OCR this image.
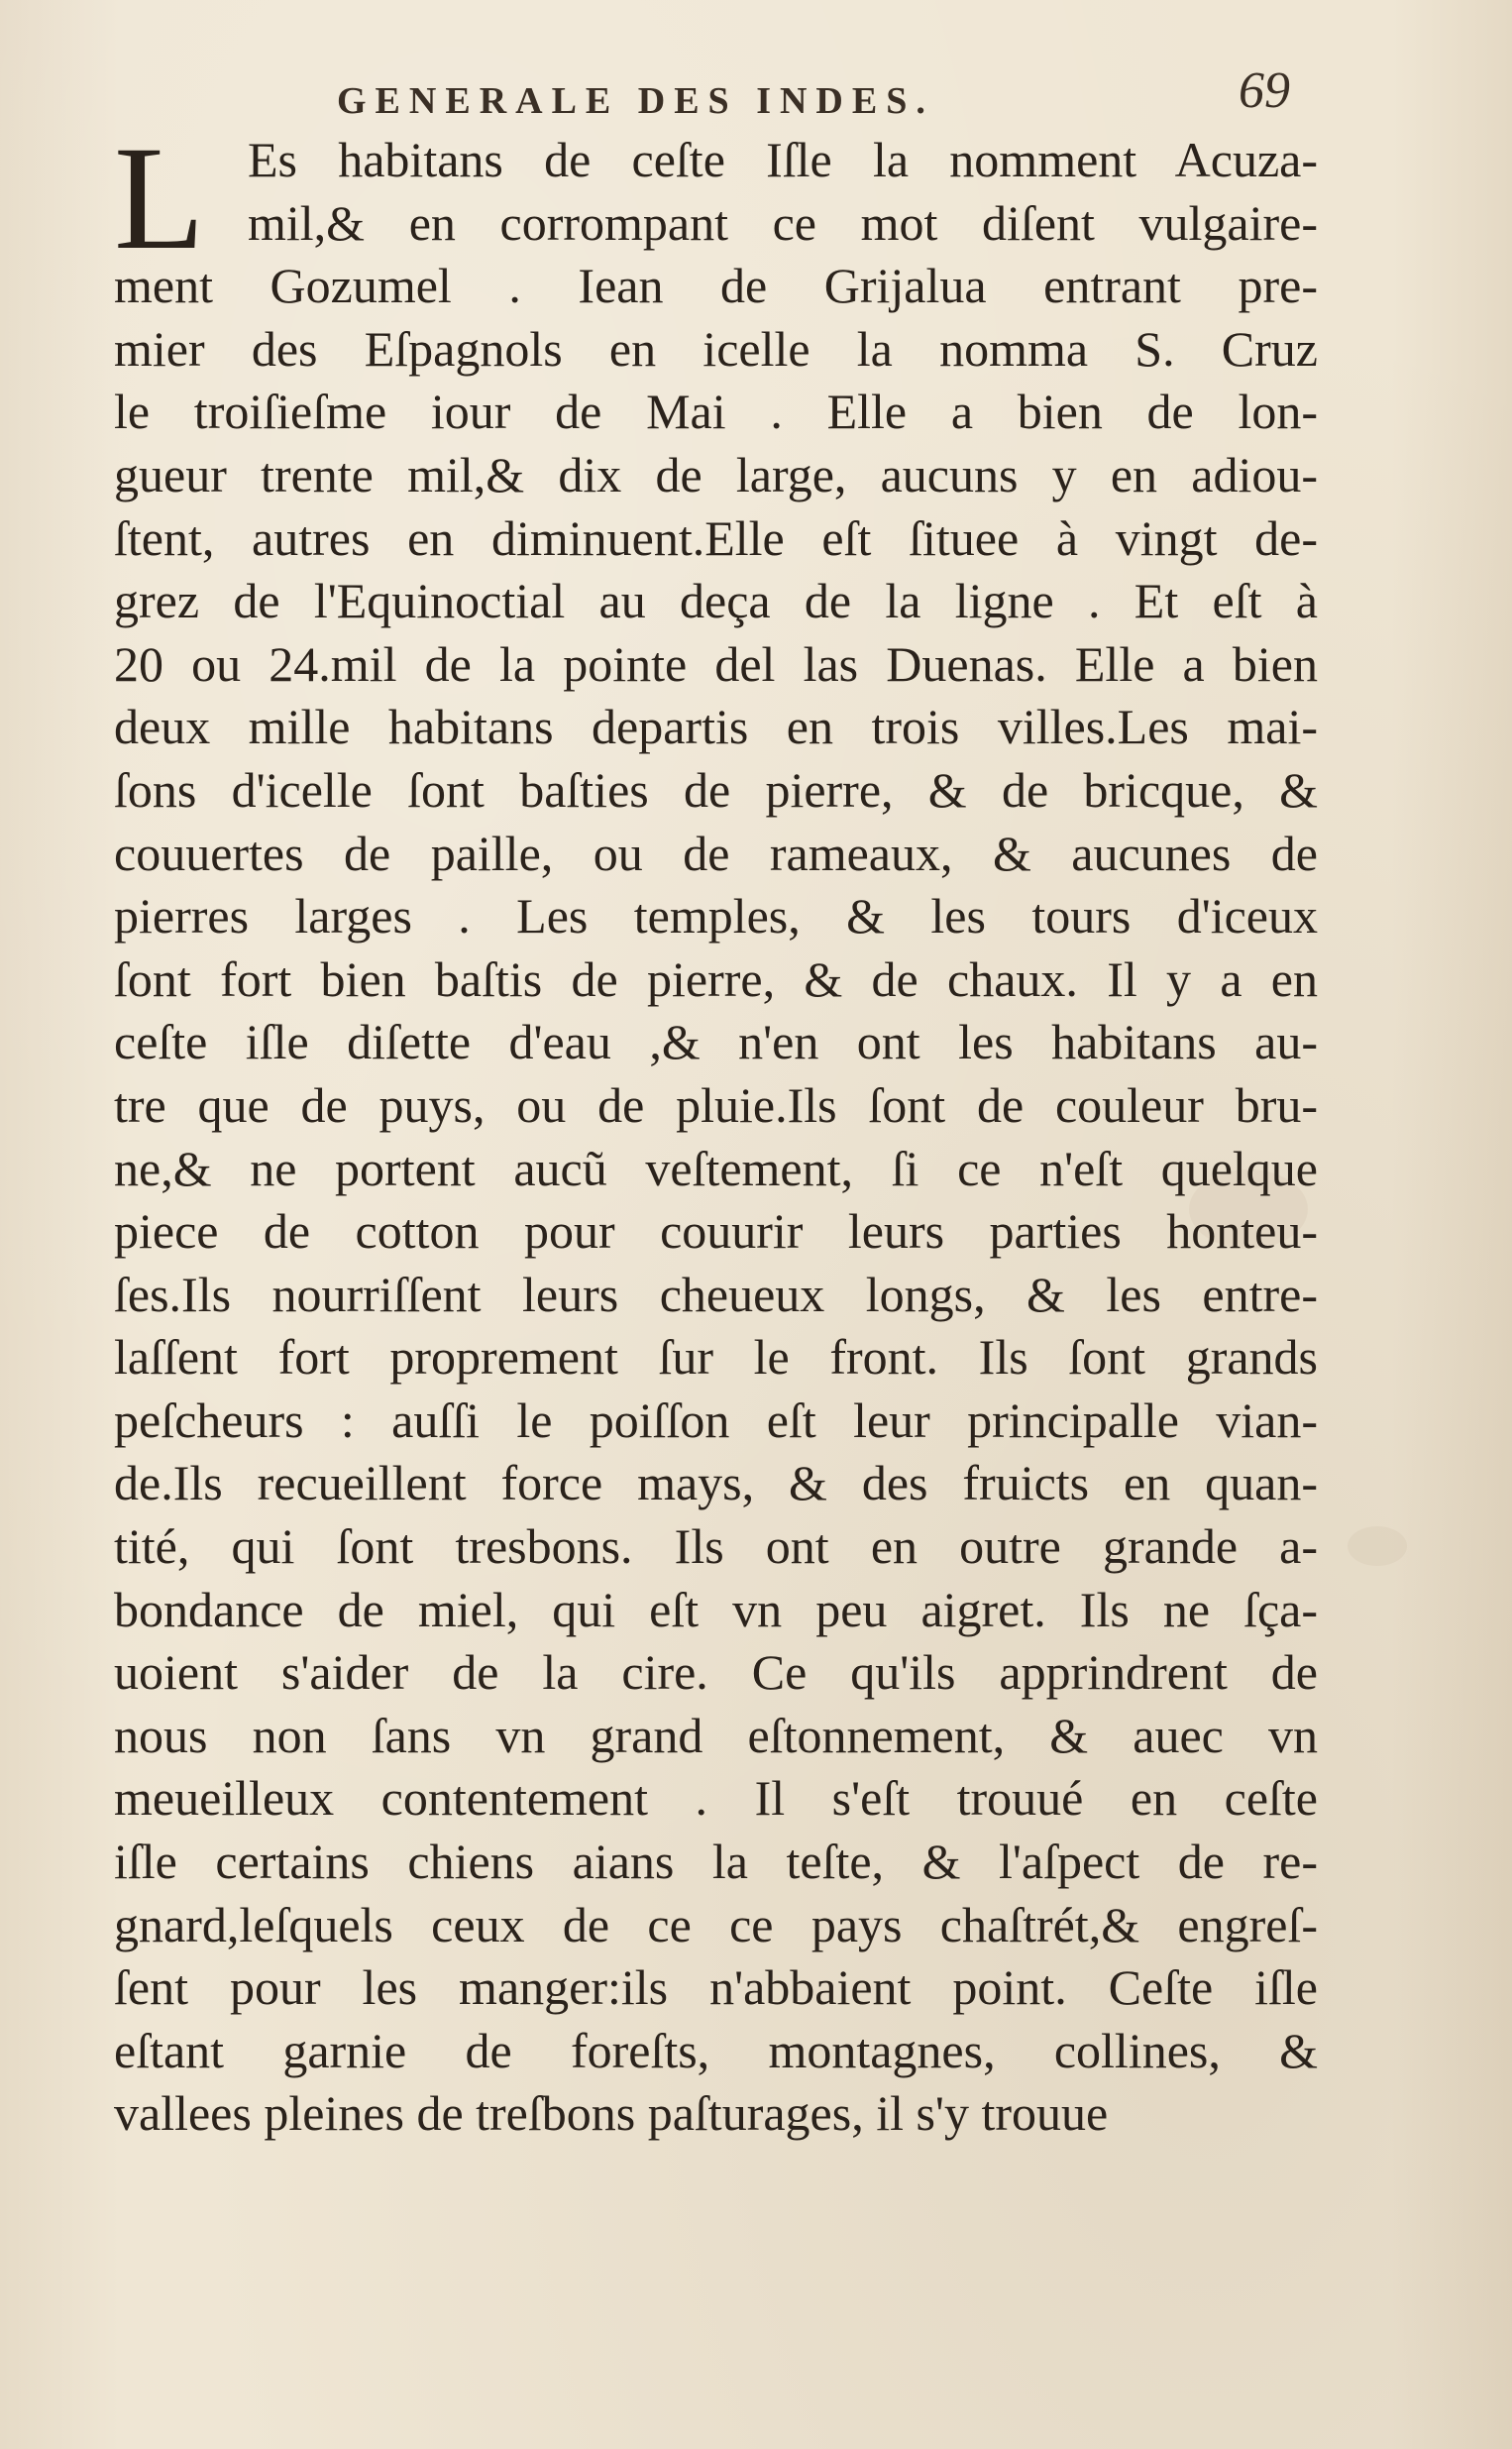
GENERALE DES INDES.	69
L Es habitans de ceſte Iſle la nomment Acuza-
mil,& en corrompant ce mot diſent vulgaire-
ment Gozumel . Iean de Grijalua entrant pre-
mier des Eſpagnols en icelle la nomma S. Cruz
le troiſieſme iour de Mai . Elle a bien de lon-
gueur trente mil,& dix de large, aucuns y en adiou-
ſtent, autres en diminuent.Elle eſt ſituee à vingt de-
grez de l'Equinoctial au deça de la ligne . Et eſt à
20 ou 24.mil de la pointe del las Duenas. Elle a bien
deux mille habitans departis en trois villes.Les mai-
ſons d'icelle ſont baſties de pierre, & de bricque, &
couuertes de paille, ou de rameaux, & aucunes de
pierres larges . Les temples, & les tours d'iceux
ſont fort bien baſtis de pierre, & de chaux. Il y a en
ceſte iſle diſette d'eau ,& n'en ont les habitans au-
tre que de puys, ou de pluie.Ils ſont de couleur bru-
ne,& ne portent aucũ veſtement, ſi ce n'eſt quelque
piece de cotton pour couurir leurs parties honteu-
ſes.Ils nourriſſent leurs cheueux longs, & les entre-
laſſent fort proprement ſur le front. Ils ſont grands
peſcheurs : auſſi le poiſſon eſt leur principalle vian-
de.Ils recueillent force mays, & des fruicts en quan-
tité, qui ſont tresbons. Ils ont en outre grande a-
bondance de miel, qui eſt vn peu aigret. Ils ne ſça-
uoient s'aider de la cire. Ce qu'ils apprindrent de
nous non ſans vn grand eſtonnement, & auec vn
meueilleux contentement . Il s'eſt trouué en ceſte
iſle certains chiens aians la teſte, & l'aſpect de re-
gnard,leſquels ceux de ce ce pays chaſtrét,& engreſ-
ſent pour les manger:ils n'abbaient point. Ceſte iſle
eſtant garnie de foreſts, montagnes, collines, &
vallees pleines de treſbons paſturages, il s'y trouue
